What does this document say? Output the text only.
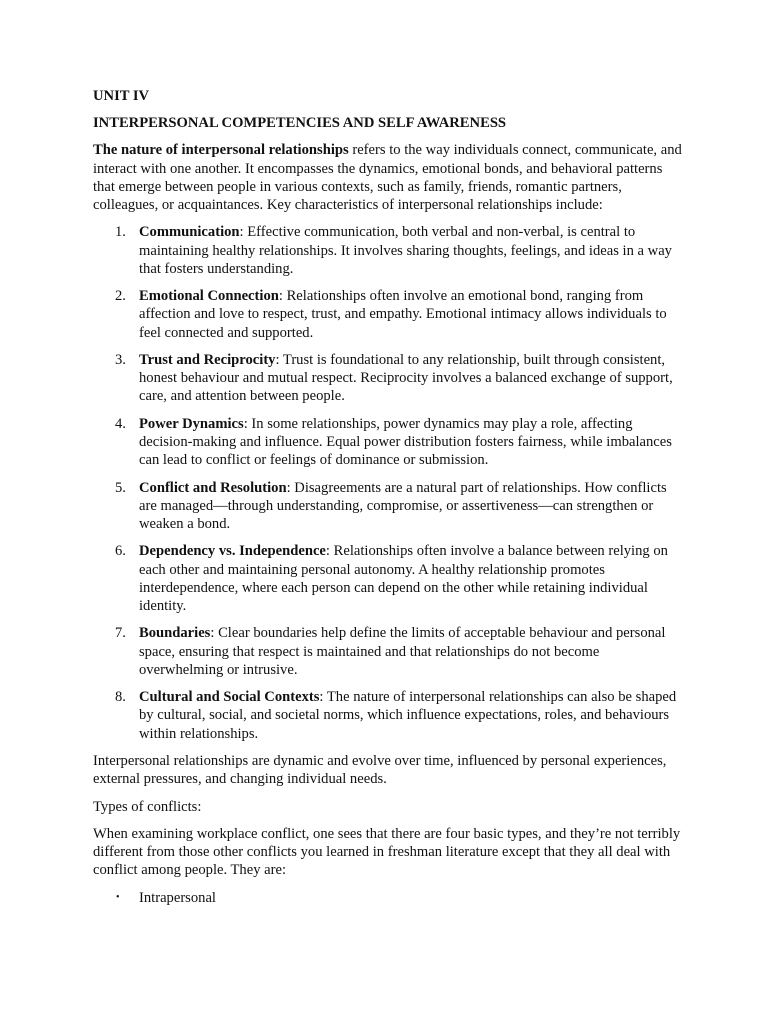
UNIT IV
INTERPERSONAL COMPETENCIES AND SELF AWARENESS

The nature of interpersonal relationships refers to the way individuals connect, communicate, and interact with one another. It encompasses the dynamics, emotional bonds, and behavioral patterns that emerge between people in various contexts, such as family, friends, romantic partners, colleagues, or acquaintances. Key characteristics of interpersonal relationships include:

1. Communication: Effective communication, both verbal and non-verbal, is central to maintaining healthy relationships. It involves sharing thoughts, feelings, and ideas in a way that fosters understanding.
2. Emotional Connection: Relationships often involve an emotional bond, ranging from affection and love to respect, trust, and empathy. Emotional intimacy allows individuals to feel connected and supported.
3. Trust and Reciprocity: Trust is foundational to any relationship, built through consistent, honest behaviour and mutual respect. Reciprocity involves a balanced exchange of support, care, and attention between people.
4. Power Dynamics: In some relationships, power dynamics may play a role, affecting decision-making and influence. Equal power distribution fosters fairness, while imbalances can lead to conflict or feelings of dominance or submission.
5. Conflict and Resolution: Disagreements are a natural part of relationships. How conflicts are managed—through understanding, compromise, or assertiveness—can strengthen or weaken a bond.
6. Dependency vs. Independence: Relationships often involve a balance between relying on each other and maintaining personal autonomy. A healthy relationship promotes interdependence, where each person can depend on the other while retaining individual identity.
7. Boundaries: Clear boundaries help define the limits of acceptable behaviour and personal space, ensuring that respect is maintained and that relationships do not become overwhelming or intrusive.
8. Cultural and Social Contexts: The nature of interpersonal relationships can also be shaped by cultural, social, and societal norms, which influence expectations, roles, and behaviours within relationships.

Interpersonal relationships are dynamic and evolve over time, influenced by personal experiences, external pressures, and changing individual needs.

Types of conflicts:

When examining workplace conflict, one sees that there are four basic types, and they’re not terribly different from those other conflicts you learned in freshman literature except that they all deal with conflict among people. They are:

• Intrapersonal
